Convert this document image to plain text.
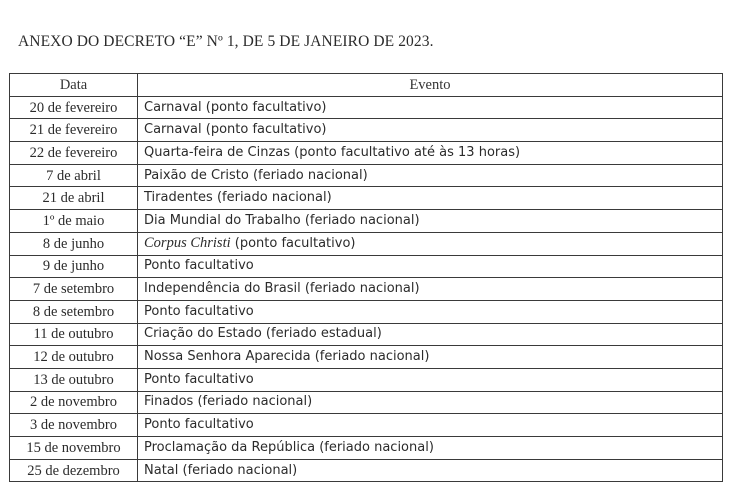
ANEXO DO DECRETO “E” Nº 1, DE 5 DE JANEIRO DE 2023.
Data	Evento
20 de fevereiro	Carnaval (ponto facultativo)
21 de fevereiro	Carnaval (ponto facultativo)
22 de fevereiro	Quarta-feira de Cinzas (ponto facultativo até às 13 horas)
7 de abril	Paixão de Cristo (feriado nacional)
21 de abril	Tiradentes (feriado nacional)
1º de maio	Dia Mundial do Trabalho (feriado nacional)
8 de junho	Corpus Christi (ponto facultativo)
9 de junho	Ponto facultativo
7 de setembro	Independência do Brasil (feriado nacional)
8 de setembro	Ponto facultativo
11 de outubro	Criação do Estado (feriado estadual)
12 de outubro	Nossa Senhora Aparecida (feriado nacional)
13 de outubro	Ponto facultativo
2 de novembro	Finados (feriado nacional)
3 de novembro	Ponto facultativo
15 de novembro	Proclamação da República (feriado nacional)
25 de dezembro	Natal (feriado nacional)
